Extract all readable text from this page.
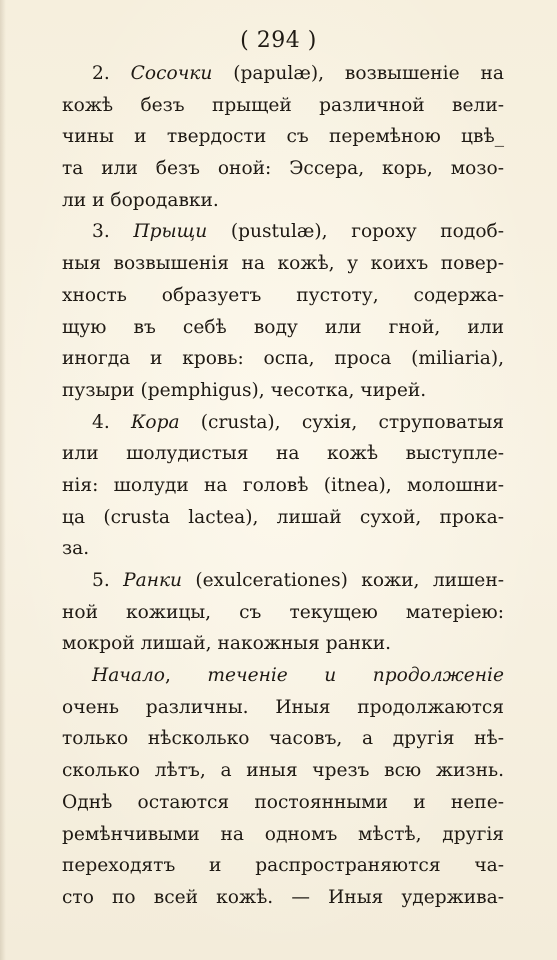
( 294 )
2. Сосочки (papulæ), возвышеніе на
кожѣ безъ прыщей различной вели-
чины и твердости съ перемѣною цвѣ_
та или безъ оной: Эссера, корь, мозо-
ли и бородавки.
3. Прыщи (pustulæ), гороху подоб-
ныя возвышенія на кожѣ, у коихъ повер-
хность образуетъ пустоту, содержа-
щую въ себѣ воду или гной, или
иногда и кровь: оспа, проса (miliaria),
пузыри (pemphigus), чесотка, чирей.
4. Кора (crusta), сухія, струповатыя
или шолудистыя на кожѣ выступле-
нія: шолуди на головѣ (itnea), молошни-
ца (crusta lactea), лишай сухой, прока-
за.
5. Ранки (exulcerationes) кожи, лишен-
ной кожицы, съ текущею матеріею:
мокрой лишай, накожныя ранки.
Начало, теченіе и продолженіе
очень различны. Иныя продолжаются
только нѣсколько часовъ, а другія нѣ-
сколько лѣтъ, а иныя чрезъ всю жизнь.
Однѣ остаются постоянными и непе-
ремѣнчивыми на одномъ мѣстѣ, другія
переходятъ и распространяются ча-
сто по всей кожѣ. — Иныя удержива-
